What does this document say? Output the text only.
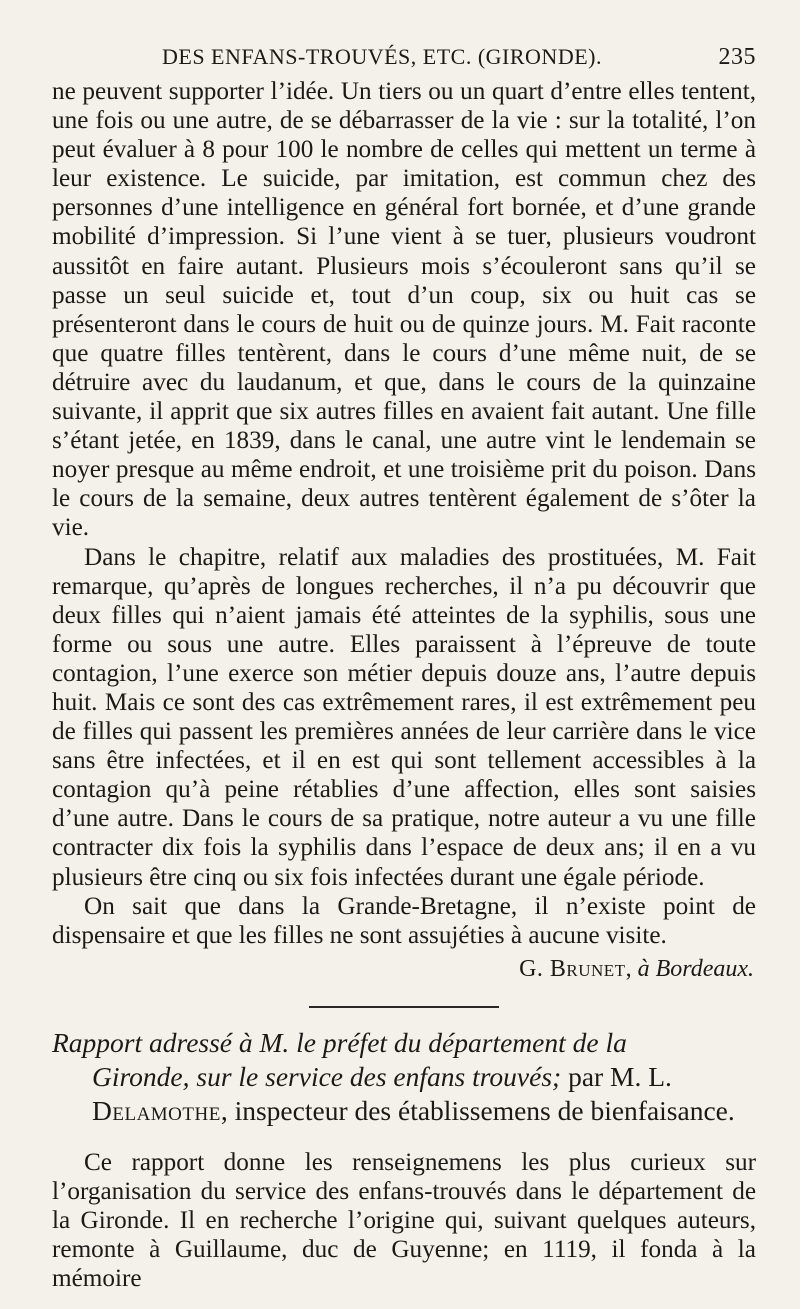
DES ENFANS-TROUVÉS, ETC. (GIRONDE).	235

ne peuvent supporter l’idée. Un tiers ou un quart d’entre elles tentent, une fois ou une autre, de se débarrasser de la vie : sur la totalité, l’on peut évaluer à 8 pour 100 le nombre de celles qui mettent un terme à leur existence. Le suicide, par imitation, est commun chez des personnes d’une intelligence en général fort bornée, et d’une grande mobilité d’impression. Si l’une vient à se tuer, plusieurs voudront aussitôt en faire autant. Plusieurs mois s’écouleront sans qu’il se passe un seul suicide et, tout d’un coup, six ou huit cas se présenteront dans le cours de huit ou de quinze jours. M. Fait raconte que quatre filles tentèrent, dans le cours d’une même nuit, de se détruire avec du laudanum, et que, dans le cours de la quinzaine suivante, il apprit que six autres filles en avaient fait autant. Une fille s’étant jetée, en 1839, dans le canal, une autre vint le lendemain se noyer presque au même endroit, et une troisième prit du poison. Dans le cours de la semaine, deux autres tentèrent également de s’ôter la vie.

Dans le chapitre, relatif aux maladies des prostituées, M. Fait remarque, qu’après de longues recherches, il n’a pu découvrir que deux filles qui n’aient jamais été atteintes de la syphilis, sous une forme ou sous une autre. Elles paraissent à l’épreuve de toute contagion, l’une exerce son métier depuis douze ans, l’autre depuis huit. Mais ce sont des cas extrêmement rares, il est extrêmement peu de filles qui passent les premières années de leur carrière dans le vice sans être infectées, et il en est qui sont tellement accessibles à la contagion qu’à peine rétablies d’une affection, elles sont saisies d’une autre. Dans le cours de sa pratique, notre auteur a vu une fille contracter dix fois la syphilis dans l’espace de deux ans; il en a vu plusieurs être cinq ou six fois infectées durant une égale période.

On sait que dans la Grande-Bretagne, il n’existe point de dispensaire et que les filles ne sont assujéties à aucune visite.

G. Brunet, à Bordeaux.
Rapport adressé à M. le préfet du département de la
Gironde, sur le service des enfans trouvés; par M. L.
Delamothe, inspecteur des établissemens de bienfaisance.

Ce rapport donne les renseignemens les plus curieux sur l’organisation du service des enfans-trouvés dans le département de la Gironde. Il en recherche l’origine qui, suivant quelques auteurs, remonte à Guillaume, duc de Guyenne; en 1119, il fonda à la mémoire
